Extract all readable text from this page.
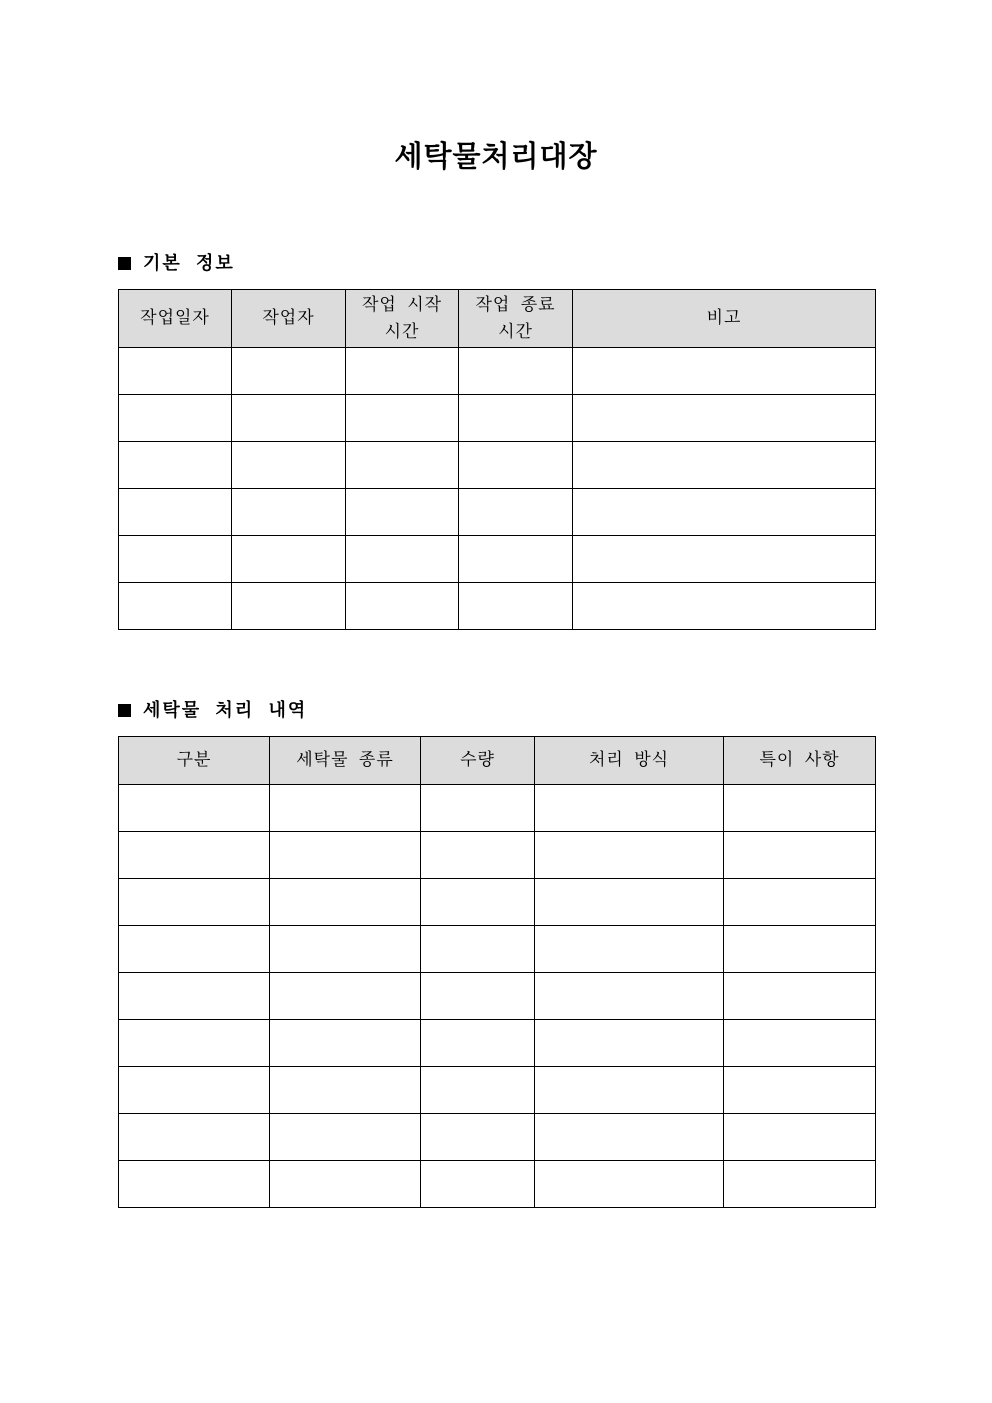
세탁물처리대장
기본 정보
작업일자	작업자	작업 시작 시간	작업 종료 시간	비고

세탁물 처리 내역
구분	세탁물 종류	수량	처리 방식	특이 사항
